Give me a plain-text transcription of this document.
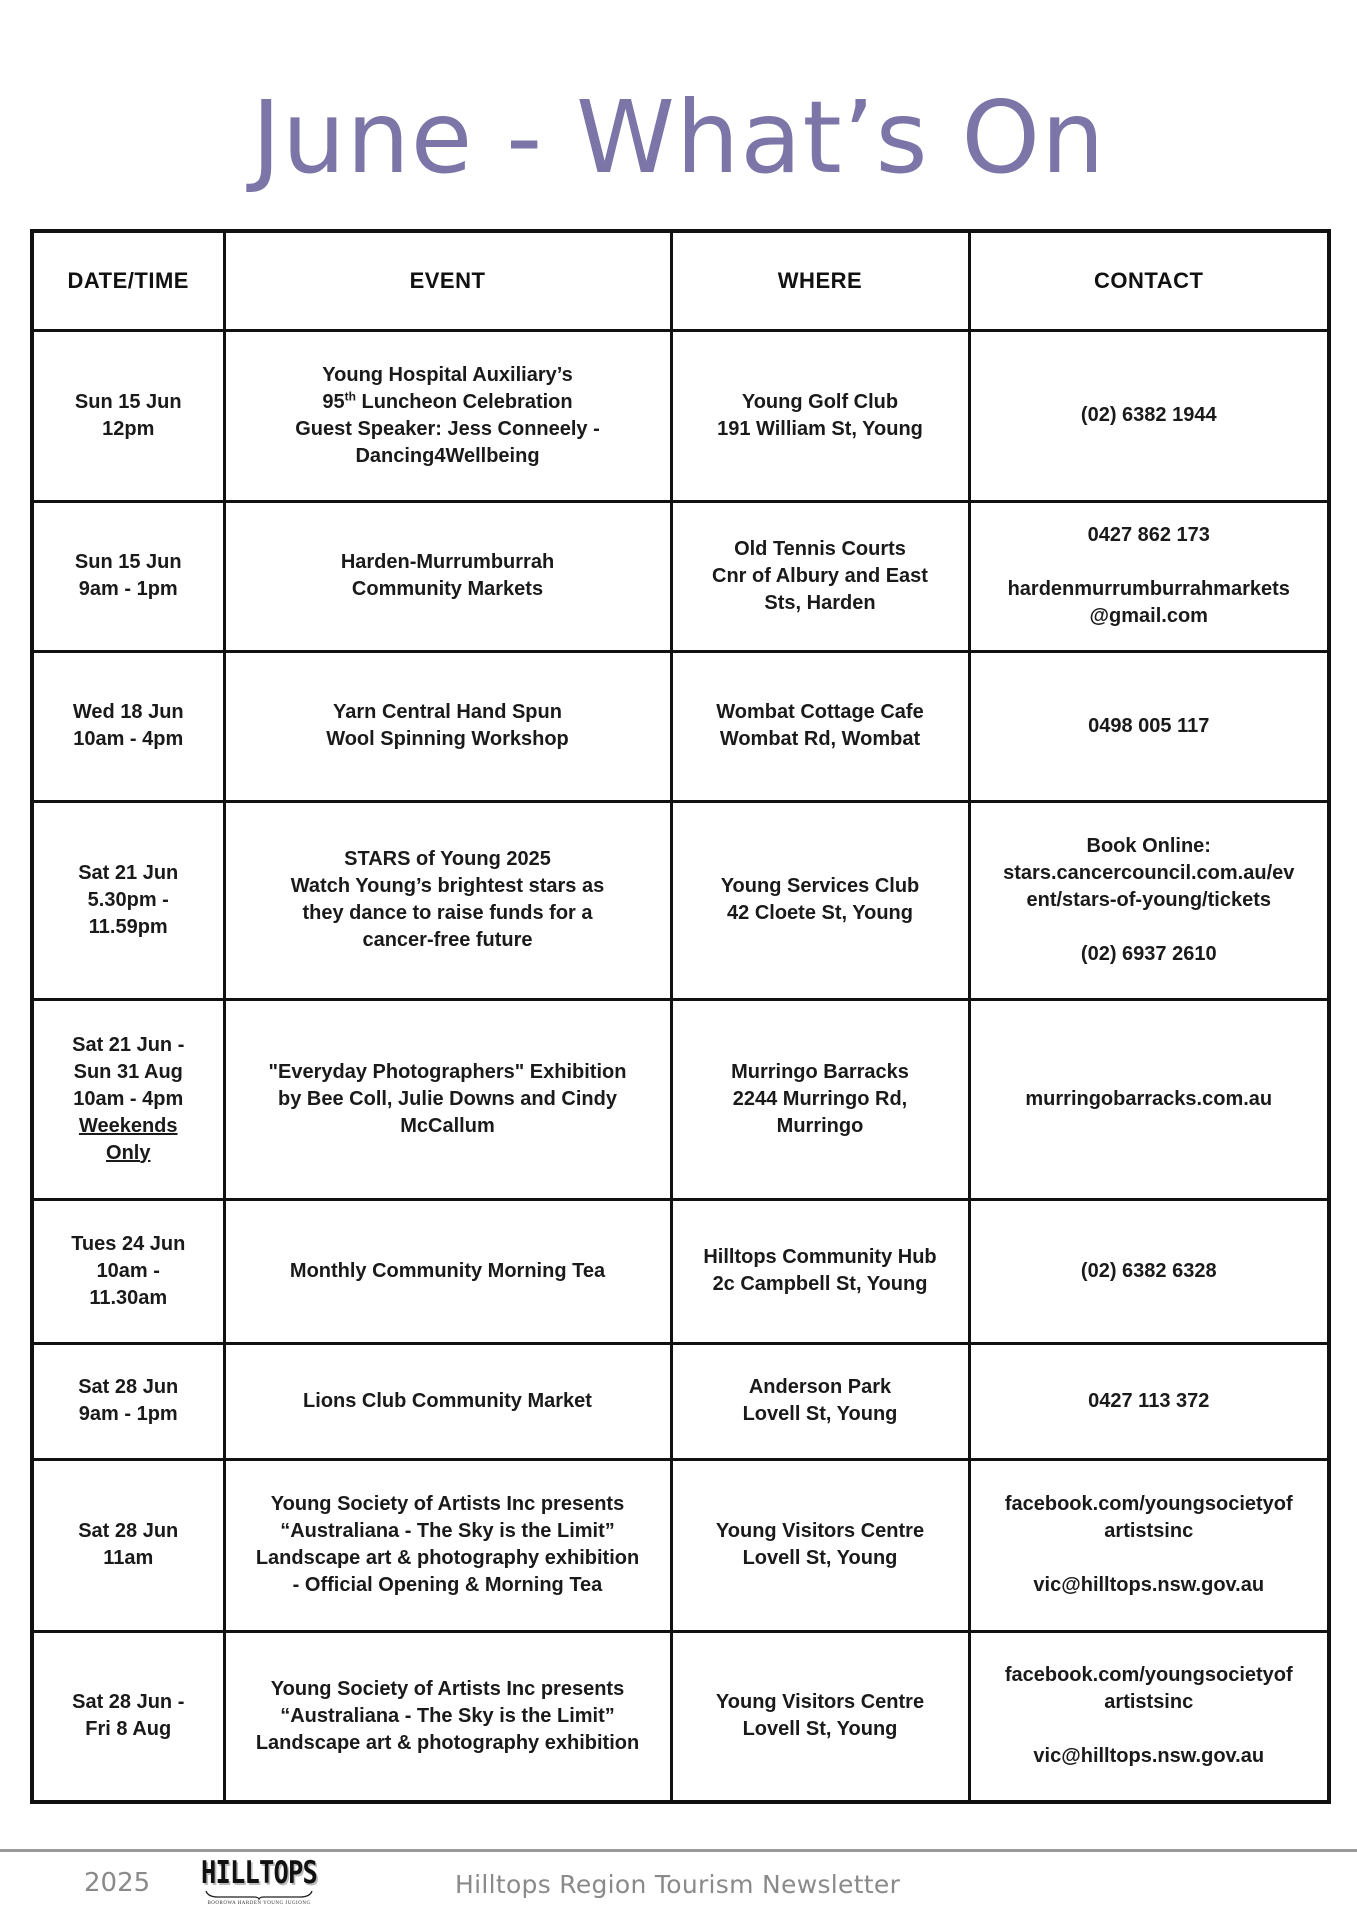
June - What’s On
DATE/TIME	EVENT	WHERE	CONTACT

Sun 15 Jun
12pm	Young Hospital Auxiliary’s
95th Luncheon Celebration
Guest Speaker: Jess Conneely -
Dancing4Wellbeing	Young Golf Club
191 William St, Young	(02) 6382 1944

Sun 15 Jun
9am - 1pm	Harden-Murrumburrah
Community Markets	Old Tennis Courts
Cnr of Albury and East
Sts, Harden	0427 862 173
hardenmurrumburrahmarkets
@gmail.com

Wed 18 Jun
10am - 4pm	Yarn Central Hand Spun
Wool Spinning Workshop	Wombat Cottage Cafe
Wombat Rd, Wombat	0498 005 117

Sat 21 Jun
5.30pm -
11.59pm	STARS of Young 2025
Watch Young’s brightest stars as
they dance to raise funds for a
cancer-free future	Young Services Club
42 Cloete St, Young	Book Online:
stars.cancercouncil.com.au/ev
ent/stars-of-young/tickets
(02) 6937 2610

Sat 21 Jun -
Sun 31 Aug
10am - 4pm
Weekends
Only	"Everyday Photographers" Exhibition
by Bee Coll, Julie Downs and Cindy
McCallum	Murringo Barracks
2244 Murringo Rd,
Murringo	murringobarracks.com.au

Tues 24 Jun
10am -
11.30am	Monthly Community Morning Tea	Hilltops Community Hub
2c Campbell St, Young	(02) 6382 6328

Sat 28 Jun
9am - 1pm	Lions Club Community Market	Anderson Park
Lovell St, Young	0427 113 372

Sat 28 Jun
11am	Young Society of Artists Inc presents
“Australiana - The Sky is the Limit”
Landscape art & photography exhibition
- Official Opening & Morning Tea	Young Visitors Centre
Lovell St, Young	facebook.com/youngsocietyof
artistsinc
vic@hilltops.nsw.gov.au

Sat 28 Jun -
Fri 8 Aug	Young Society of Artists Inc presents
“Australiana - The Sky is the Limit”
Landscape art & photography exhibition	Young Visitors Centre
Lovell St, Young	facebook.com/youngsocietyof
artistsinc
vic@hilltops.nsw.gov.au
2025 HILLTOPS
BOOROWA HARDEN YOUNG JUGIONG
Hilltops Region Tourism Newsletter
